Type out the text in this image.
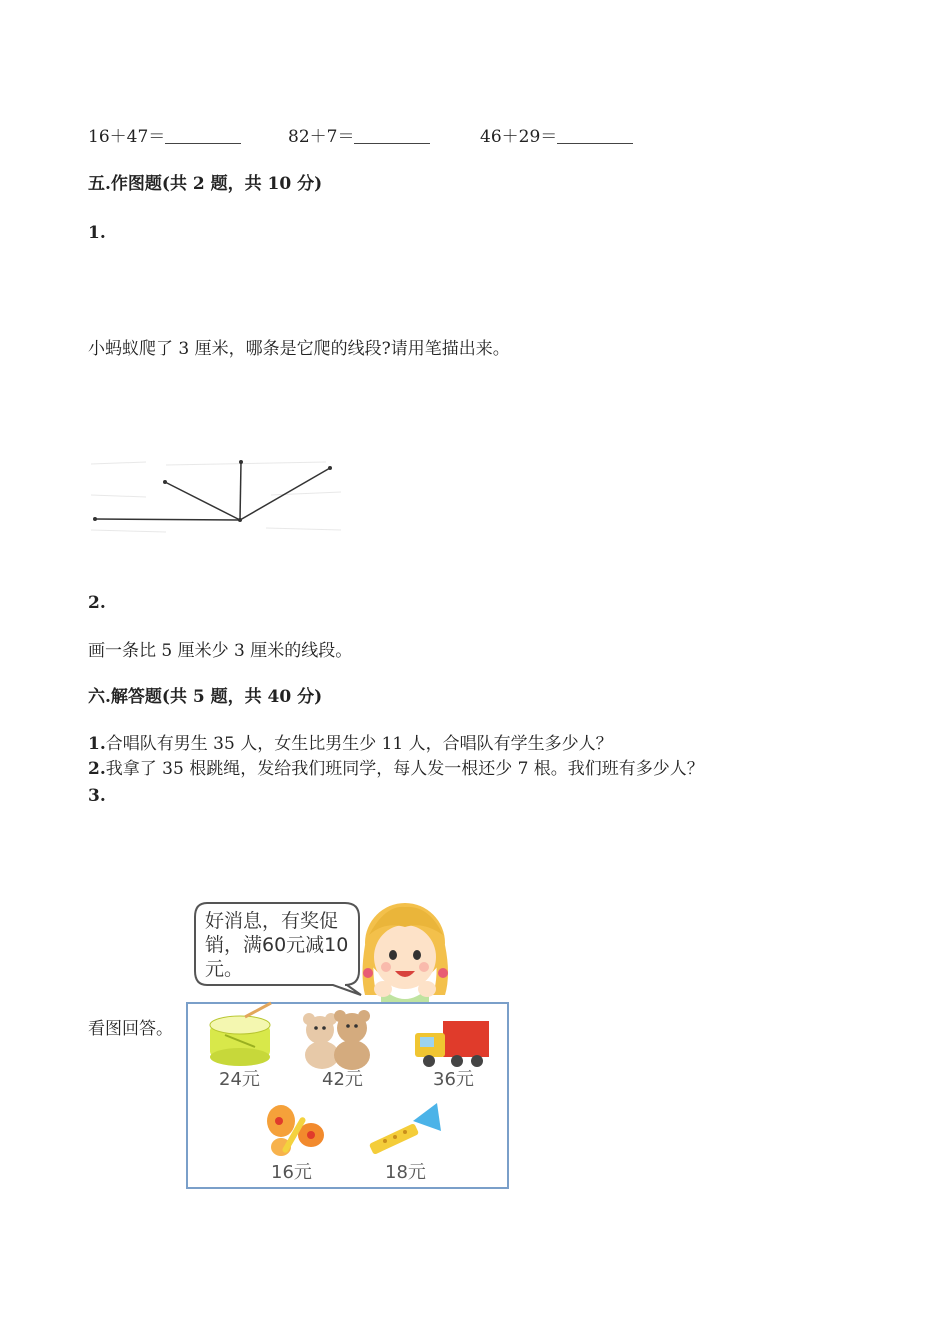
16＋47＝	82＋7＝	46＋29＝
五.作图题(共 2 题，共 10 分)
1.
小蚂蚁爬了 3 厘米，哪条是它爬的线段?请用笔描出来。
2.
画一条比 5 厘米少 3 厘米的线段。
六.解答题(共 5 题，共 40 分)
1.合唱队有男生 35 人，女生比男生少 11 人，合唱队有学生多少人？
2.我拿了 35 根跳绳，发给我们班同学，每人发一根还少 7 根。我们班有多少人？
3.
看图回答。
好消息，有奖促
销，满60元减10
元。
24元	42元	36元
16元	18元
